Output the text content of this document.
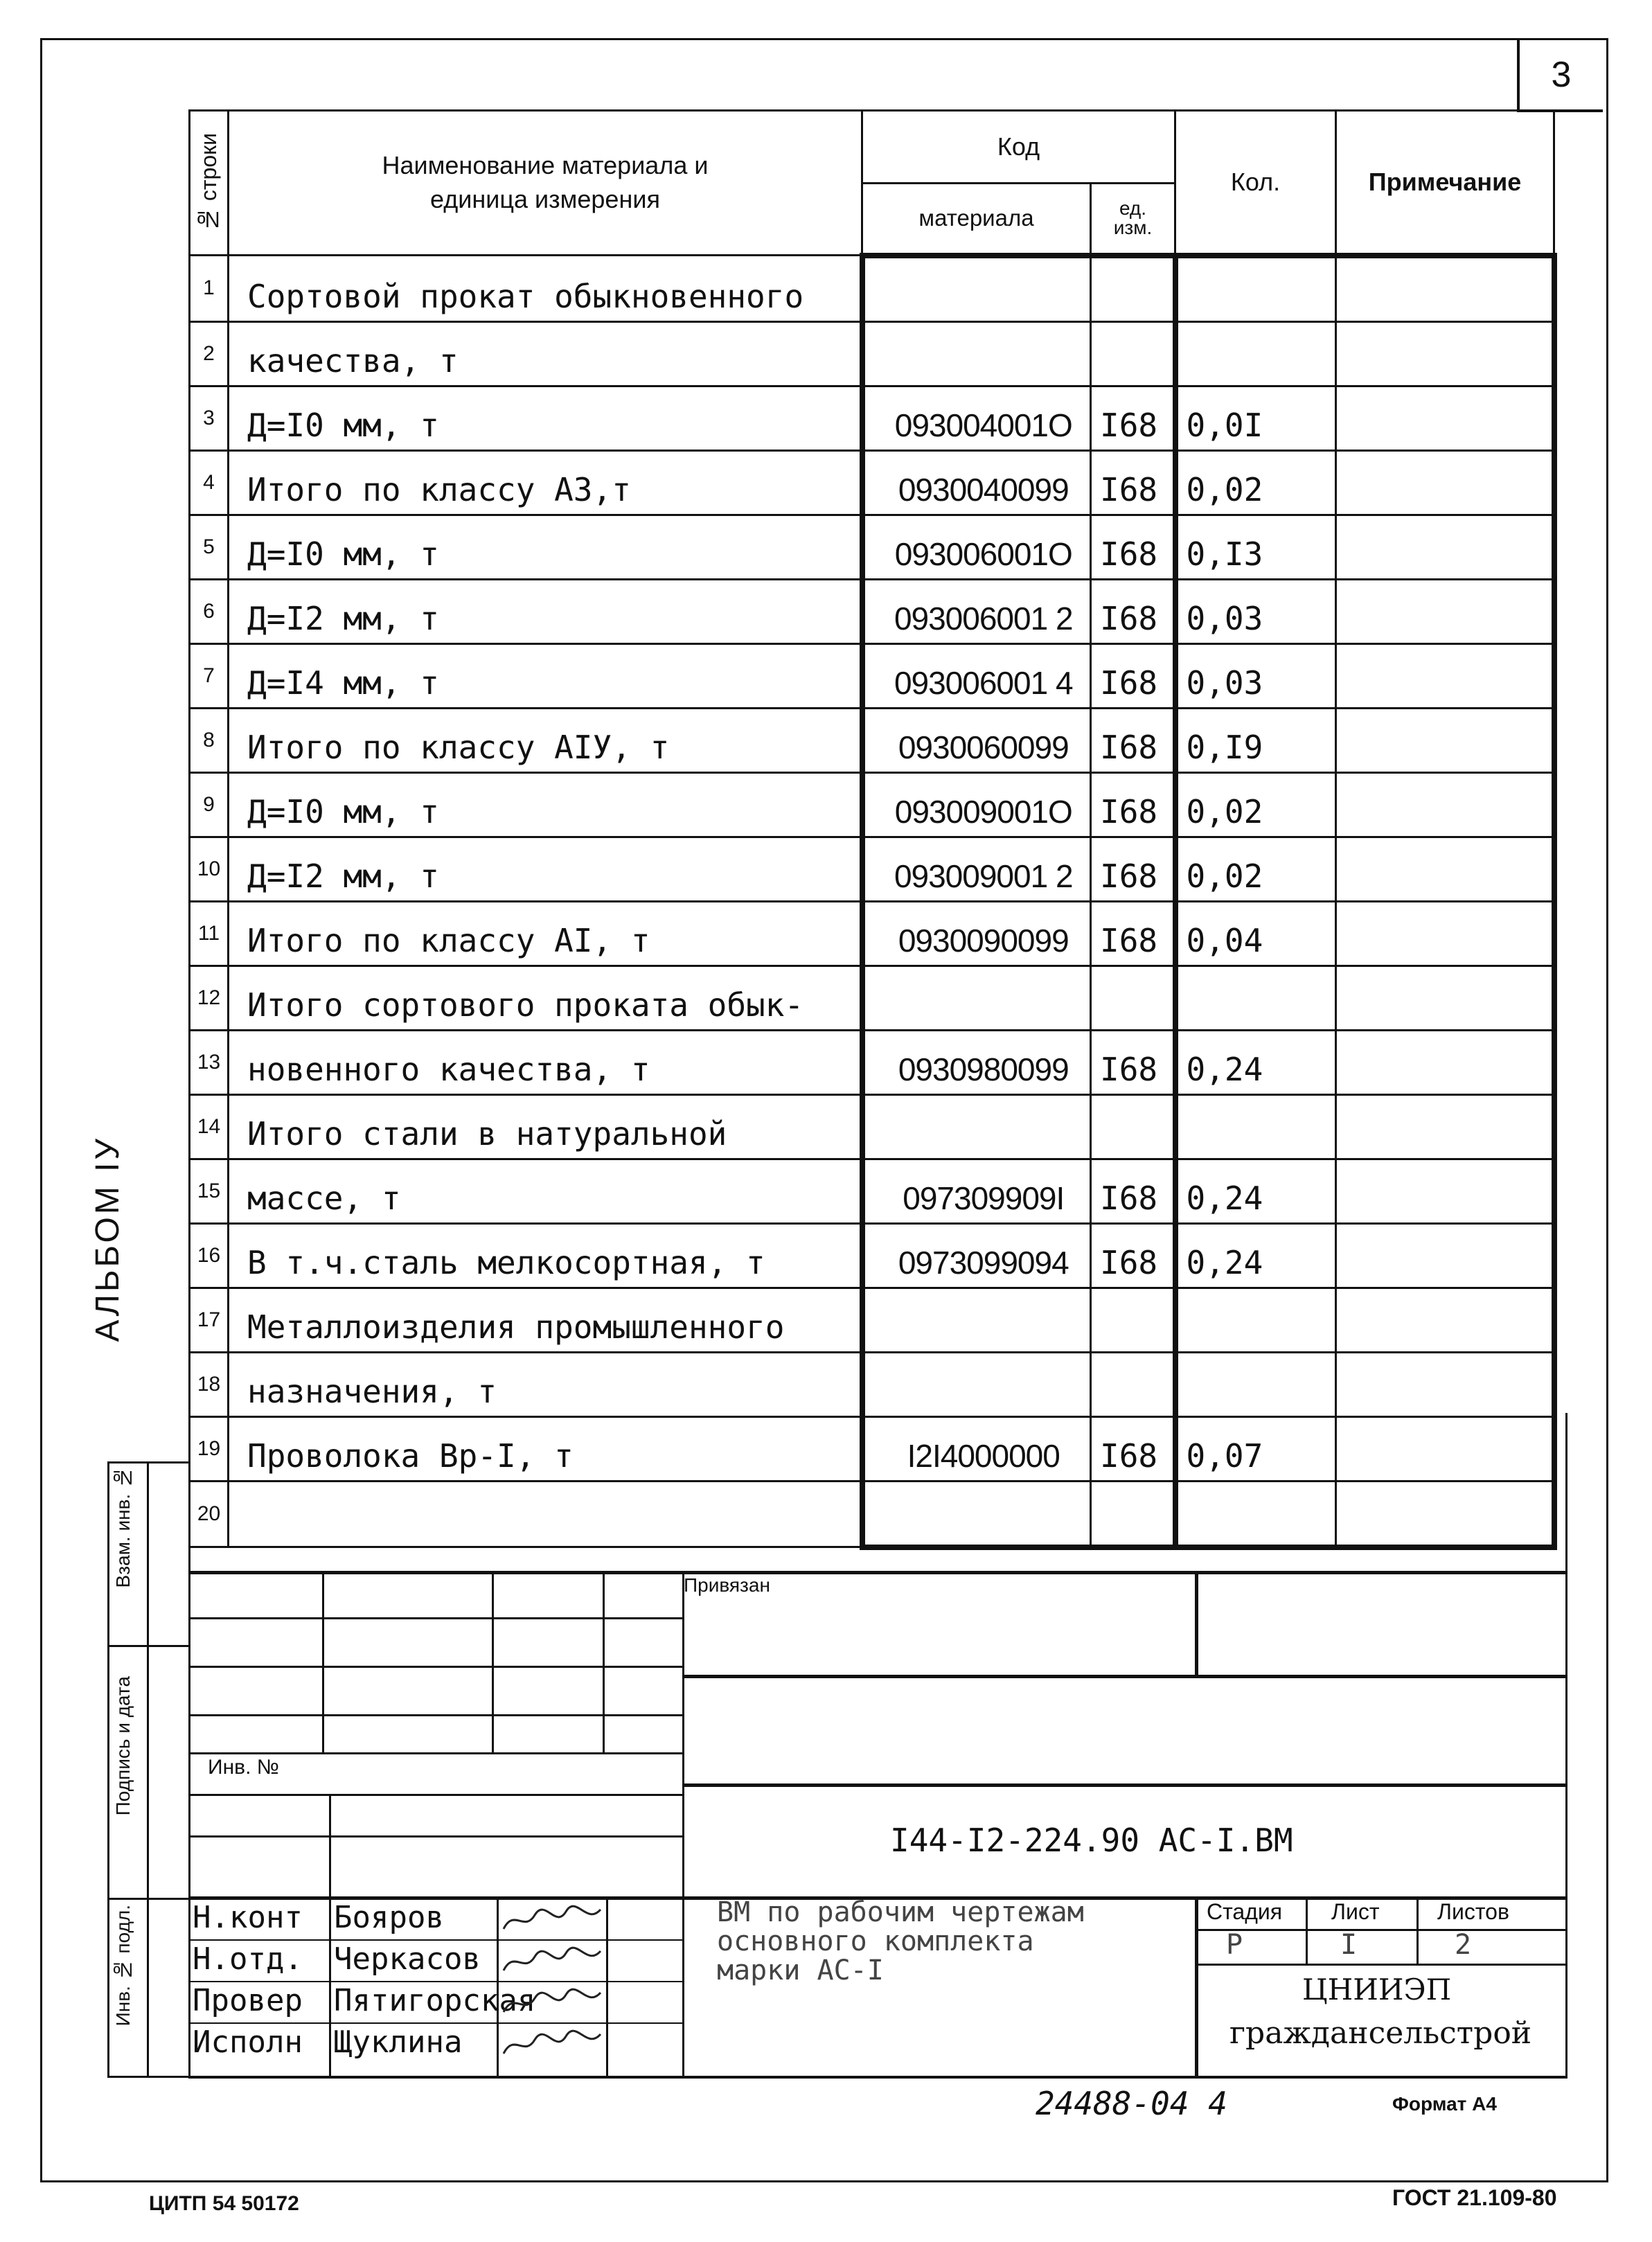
3
№ строки	Наименование материала и единица измерения	Код		Кол.	Примечание
		материала	ед. изм.		
1	Сортовой прокат обыкновенного				
2	качества, т				
3	Д=I0 мм, т	093004001O	I68	0,0I	
4	Итого по классу А3,т	0930040099	I68	0,02	
5	Д=I0 мм, т	093006001O	I68	0,I3	
6	Д=I2 мм, т	093006001 2	I68	0,03	
7	Д=I4 мм, т	093006001 4	I68	0,03	
8	Итого по классу АIУ, т	0930060099	I68	0,I9	
9	Д=I0 мм, т	093009001O	I68	0,02	
10	Д=I2 мм, т	093009001 2	I68	0,02	
11	Итого по классу АI, т	0930090099	I68	0,04	
12	Итого сортового проката обык-				
13	новенного качества, т	0930980099	I68	0,24	
14	Итого стали в натуральной				
15	массе, т	097309909I	I68	0,24	
16	В т.ч.сталь мелкосортная, т	0973099094	I68	0,24	
17	Металлоизделия промышленного				
18	назначения, т				
19	Проволока Вр-I, т	I2I4000000	I68	0,07	
20					
АЛЬБОМ IУ
Взам. инв. №
Подпись и дата
Инв. № подл.
Привязан
Инв. №
I44-I2-224.90 АС-I.ВМ
Н.конт Бояров
Н.отд. Черкасов
Провер Пятигорская
Исполн Щуклина
ВМ по рабочим чертежам
основного комплекта
марки АС-I
Стадия Лист	Листов
Р	I	2
ЦНИИЭП
граждансельстрой
24488-04 4	Формат А4
ЦИТП 54 50172	ГОСТ 21.109-80
